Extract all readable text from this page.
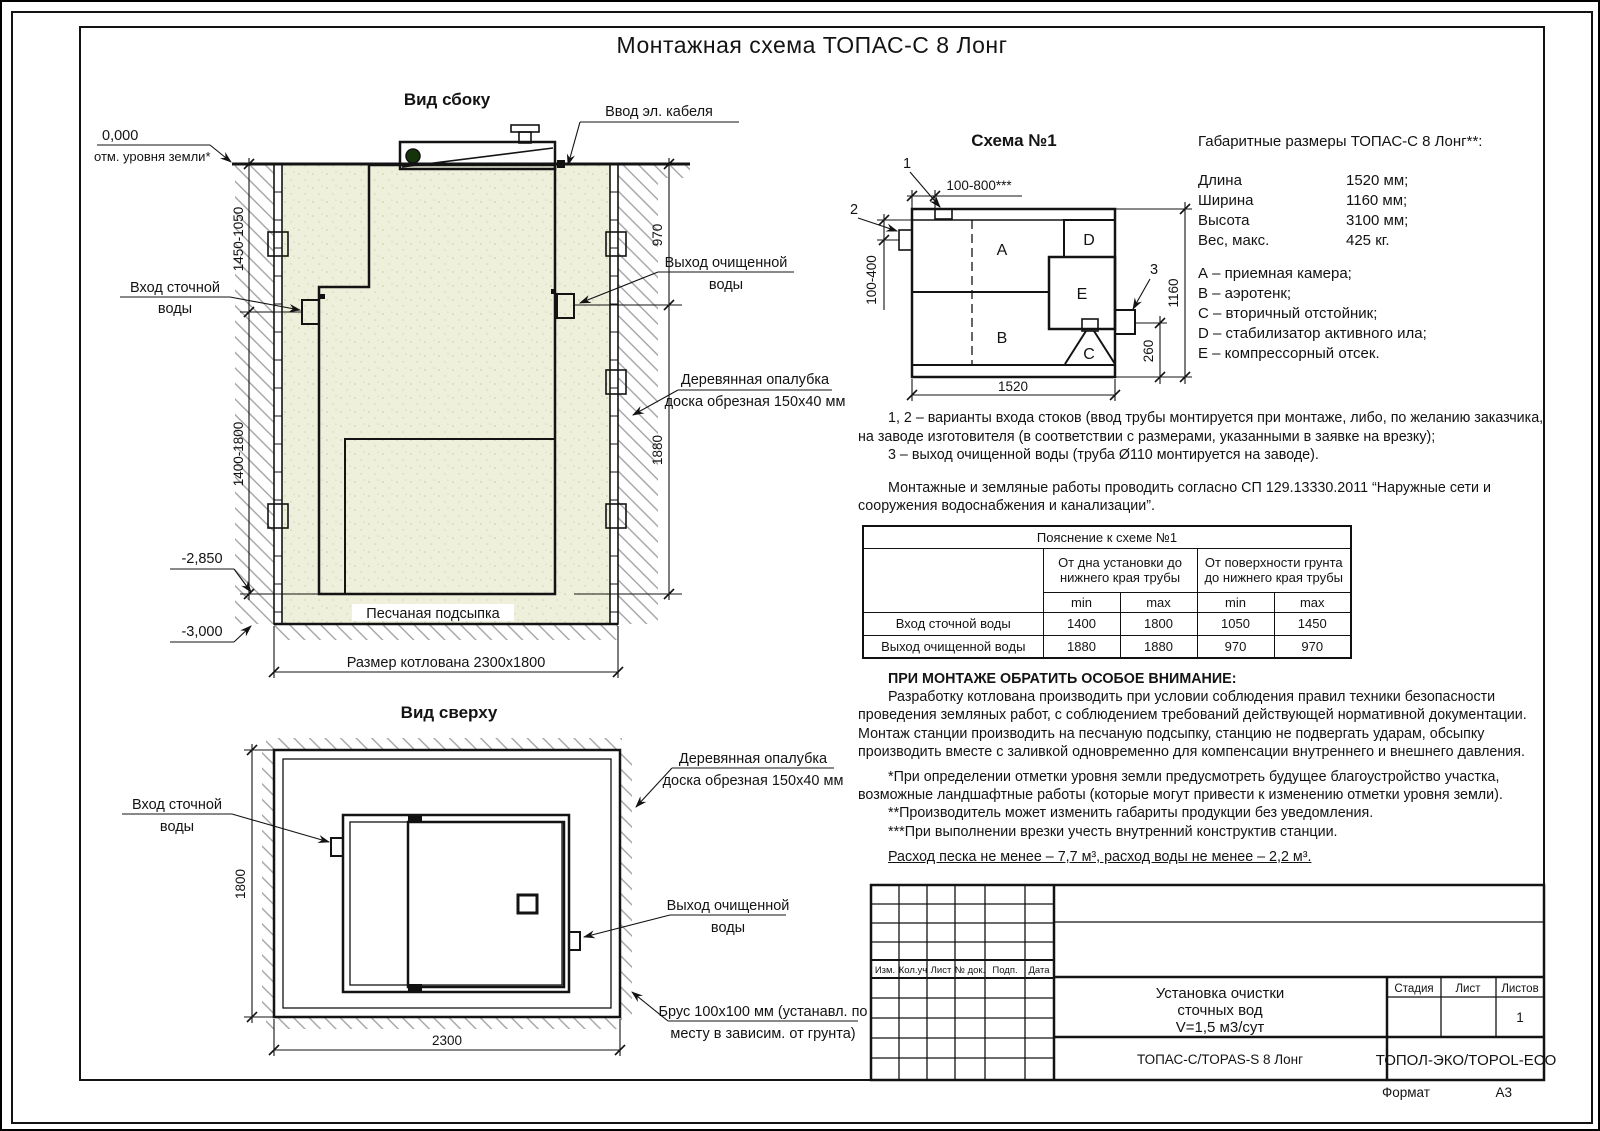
Вид сбоку
0,000
отм. уровня земли*
Ввод эл. кабеля
Вход сточной
воды
Выход очищенной
воды
Деревянная опалубка
доска обрезная 150х40 мм
Песчаная подсыпка
Размер котлована 2300х1800
1450-1050
1400-1800
970
1880
-2,850
-3,000
Вид сверху
Вход сточной
воды
Выход очищенной
воды
Деревянная опалубка
доска обрезная 150х40 мм
Брус 100х100 мм (устанавл. по
месту в зависим. от грунта)
1800
2300
Схема №1
A
B
C
D
E
1
2
3
100-800***
100-400	1160
260
1520
Изм. Кол.уч Лист № док. Подп. Дата
Установка очистки
сточных вод
V=1,5 м3/сут
Стадия Лист Листов
1
ТОПАС-С/TOPAS-S 8 Лонг	ТОПОЛ-ЭКО/TOPOL-ECO
Монтажная схема ТОПАС-С 8 Лонг

Габаритные размеры ТОПАС-С 8 Лонг**:

Длина	1520 мм;
Ширина	1160 мм;
Высота	3100 мм;
Вес, макс.	425 кг.

А – приемная камера;

В – аэротенк;

С – вторичный отстойник;

D – стабилизатор активного ила;

E – компрессорный отсек.

1, 2 – варианты входа стоков (ввод трубы монтируется при монтаже, либо, по желанию заказчика, на заводе изготовителя (в соответствии с размерами, указанными в заявке на врезку);

3 – выход очищенной воды (труба Ø110 монтируется на заводе).

Монтажные и земляные работы проводить согласно СП 129.13330.2011 “Наружные сети и сооружения водоснабжения и канализации”.

Пояснение к схеме №1				
	От дна установки до нижнего края трубы		От поверхности грунта до нижнего края трубы	
	min	max	min	max
Вход сточной воды	1400	1800	1050	1450
Выход очищенной воды	1880	1880	970	970

ПРИ МОНТАЖЕ ОБРАТИТЬ ОСОБОЕ ВНИМАНИЕ:

Разработку котлована производить при условии соблюдения правил техники безопасности проведения земляных работ, с соблюдением требований действующей нормативной документации. Монтаж станции производить на песчаную подсыпку, станцию не подвергать ударам, обсыпку производить вместе с заливкой одновременно для компенсации внутреннего и внешнего давления.

*При определении отметки уровня земли предусмотреть будущее благоустройство участка, возможные ландшафтные работы (которые могут привести к изменению отметки уровня земли).

**Производитель может изменить габариты продукции без уведомления.

***При выполнении врезки учесть внутренний конструктив станции.

Расход песка не менее – 7,7 м³, расход воды не менее – 2,2 м³.

Формат	А3
